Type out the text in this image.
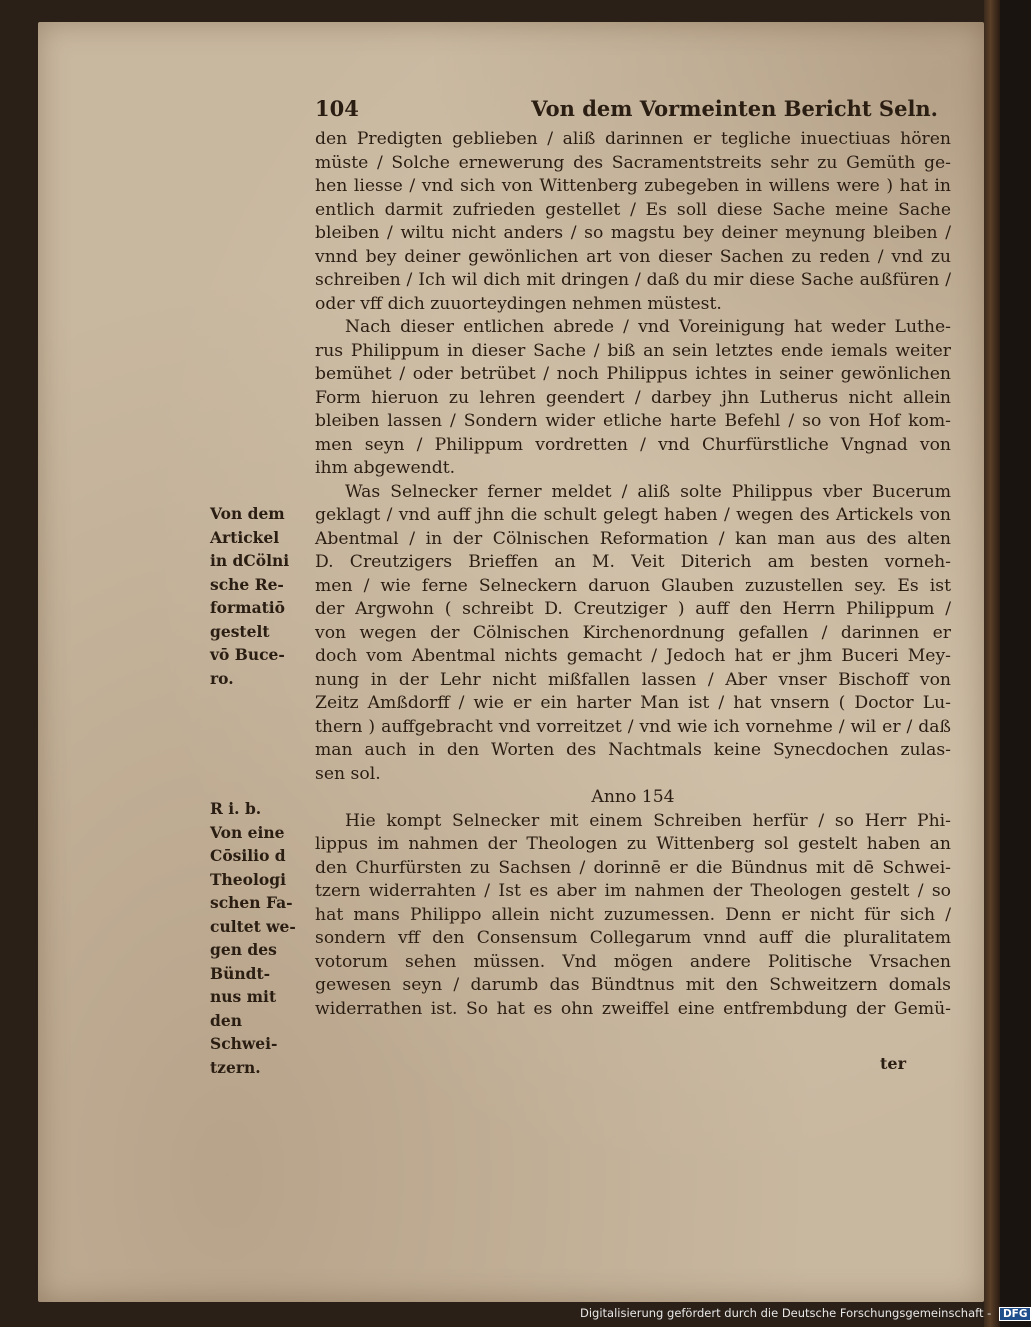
104	Von dem Vormeinten Bericht Seln.
den Predigten geblieben / aliß darinnen er tegliche inuectiuas hören
müste / Solche ernewerung des Sacramentstreits sehr zu Gemüth ge-
hen liesse / vnd sich von Wittenberg zubegeben in willens were ) hat in
entlich darmit zufrieden gestellet / Es soll diese Sache meine Sache
bleiben / wiltu nicht anders / so magstu bey deiner meynung bleiben /
vnnd bey deiner gewönlichen art von dieser Sachen zu reden / vnd zu
schreiben / Ich wil dich mit dringen / daß du mir diese Sache außfüren /
oder vff dich zuuorteydingen nehmen müstest.
Nach dieser entlichen abrede / vnd Voreinigung hat weder Luthe-
rus Philippum in dieser Sache / biß an sein letztes ende iemals weiter
bemühet / oder betrübet / noch Philippus ichtes in seiner gewönlichen
Form hieruon zu lehren geendert / darbey jhn Lutherus nicht allein
bleiben lassen / Sondern wider etliche harte Befehl / so von Hof kom-
men seyn / Philippum vordretten / vnd Churfürstliche Vngnad von
ihm abgewendt.
Was Selnecker ferner meldet / aliß solte Philippus vber Bucerum
geklagt / vnd auff jhn die schult gelegt haben / wegen des Artickels von
Abentmal / in der Cölnischen Reformation / kan man aus des alten
D. Creutzigers Brieffen an M. Veit Diterich am besten vorneh-
men / wie ferne Selneckern daruon Glauben zuzustellen sey. Es ist
der Argwohn ( schreibt D. Creutziger ) auff den Herrn Philippum /
von wegen der Cölnischen Kirchenordnung gefallen / darinnen er
doch vom Abentmal nichts gemacht / Jedoch hat er jhm Buceri Mey-
nung in der Lehr nicht mißfallen lassen / Aber vnser Bischoff von
Zeitz Amßdorff / wie er ein harter Man ist / hat vnsern ( Doctor Lu-
thern ) auffgebracht vnd vorreitzet / vnd wie ich vornehme / wil er / daß
man auch in den Worten des Nachtmals keine Synecdochen zulas-
sen sol.
Anno 154
Hie kompt Selnecker mit einem Schreiben herfür / so Herr Phi-
lippus im nahmen der Theologen zu Wittenberg sol gestelt haben an
den Churfürsten zu Sachsen / dorinnē er die Bündnus mit dē Schwei-
tzern widerrahten / Ist es aber im nahmen der Theologen gestelt / so
hat mans Philippo allein nicht zuzumessen. Denn er nicht für sich /
sondern vff den Consensum Collegarum vnnd auff die pluralitatem
votorum sehen müssen. Vnd mögen andere Politische Vrsachen
gewesen seyn / darumb das Bündtnus mit den Schweitzern domals
widerrathen ist. So hat es ohn zweiffel eine entfrembdung der Gemü-
Von dem
Artickel
in dCölni
sche Re-
formatiō
gestelt
vō Buce-
ro.
R i. b.
Von eine
Cōsilio d
Theologi
schen Fa-
cultet we-
gen des
Bündt-
nus mit
den
Schwei-
tzern.	ter
Digitalisierung gefördert durch die Deutsche Forschungsgemeinschaft - DFG
